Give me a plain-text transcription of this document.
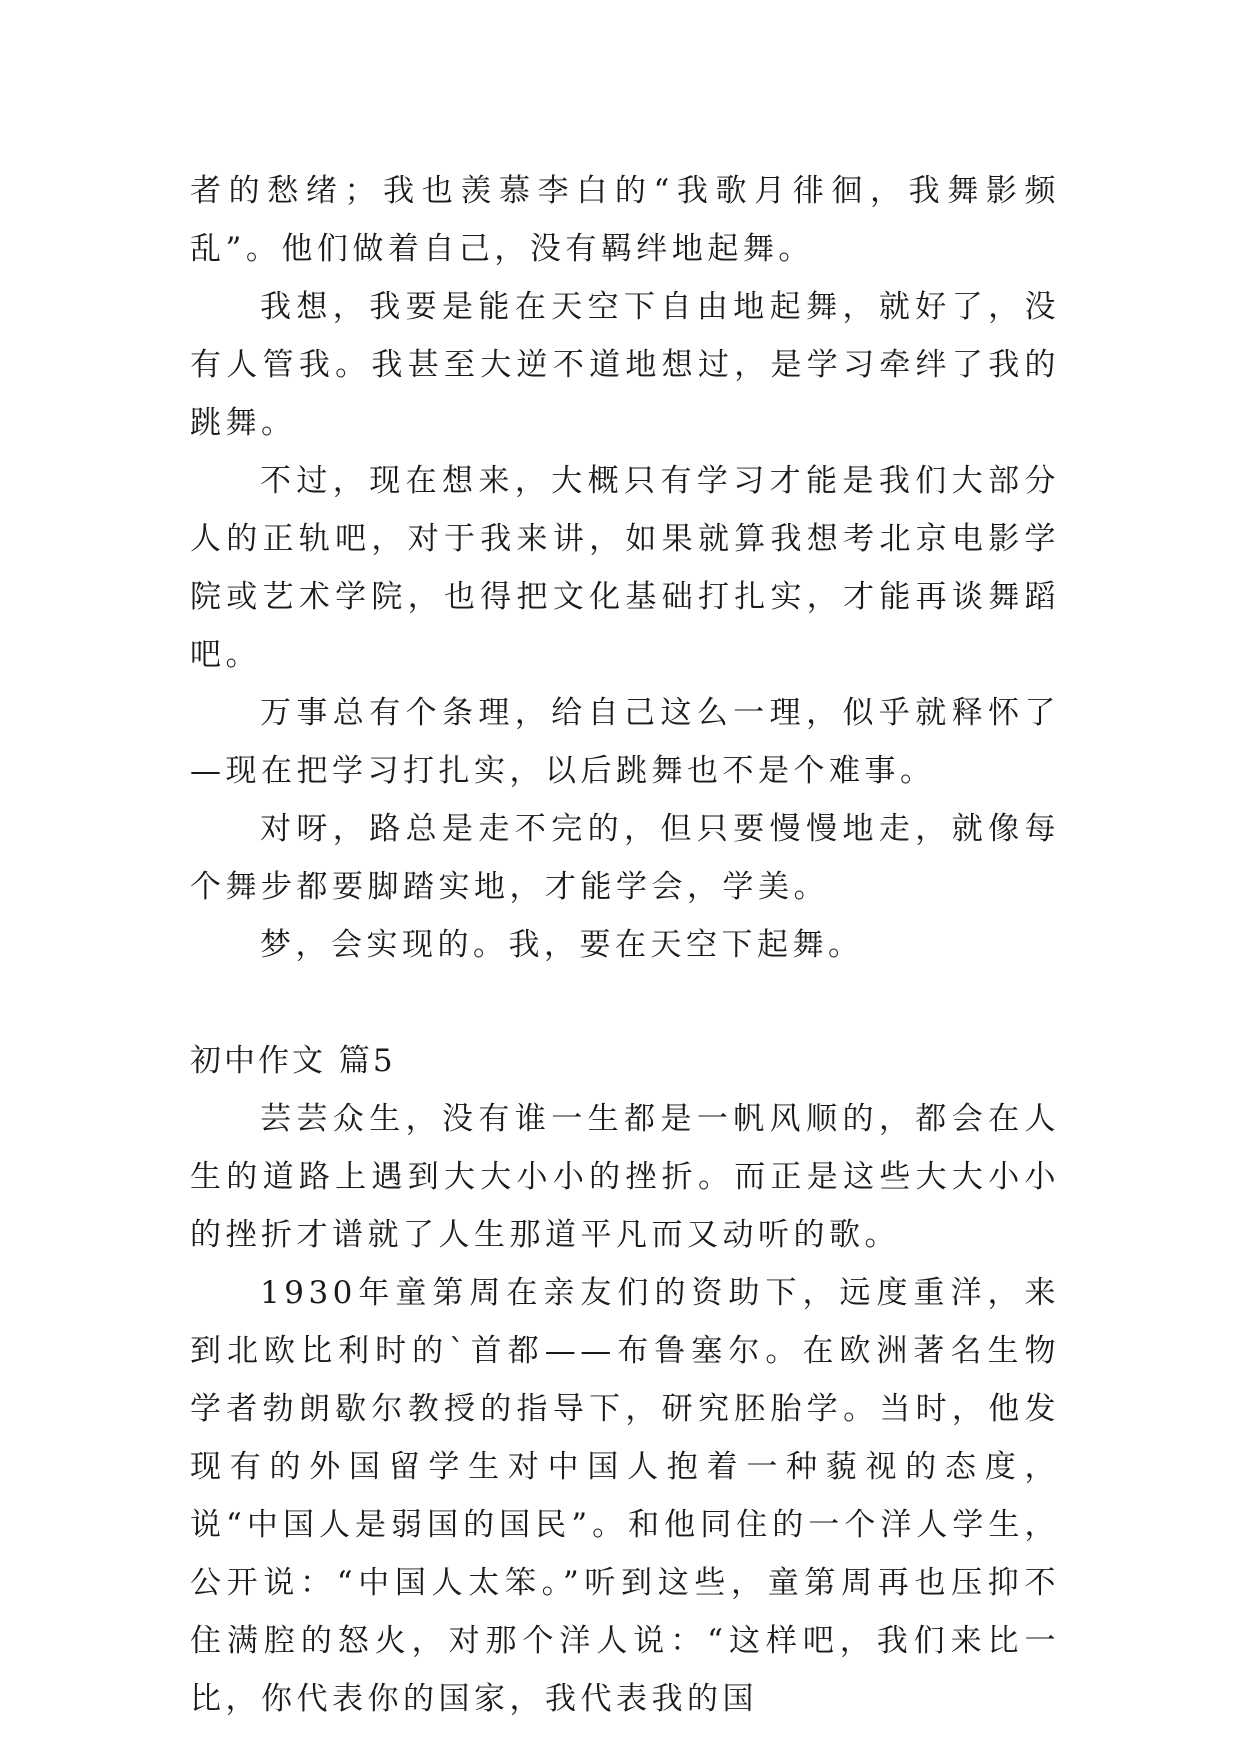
者的愁绪；我也羡慕李白的“我歌月徘徊，我舞影频乱”。他们做着自己，没有羁绊地起舞。

我想，我要是能在天空下自由地起舞，就好了，没有人管我。我甚至大逆不道地想过，是学习牵绊了我的跳舞。

不过，现在想来，大概只有学习才能是我们大部分人的正轨吧，对于我来讲，如果就算我想考北京电影学院或艺术学院，也得把文化基础打扎实，才能再谈舞蹈吧。

万事总有个条理，给自己这么一理，似乎就释怀了—现在把学习打扎实，以后跳舞也不是个难事。

对呀，路总是走不完的，但只要慢慢地走，就像每个舞步都要脚踏实地，才能学会，学美。

梦，会实现的。我，要在天空下起舞。

初中作文 篇5

芸芸众生，没有谁一生都是一帆风顺的，都会在人生的道路上遇到大大小小的挫折。而正是这些大大小小的挫折才谱就了人生那道平凡而又动听的歌。

1930年童第周在亲友们的资助下，远度重洋，来到北欧比利时的`首都——布鲁塞尔。在欧洲著名生物学者勃朗歇尔教授的指导下，研究胚胎学。当时，他发现有的外国留学生对中国人抱着一种藐视的态度，说“中国人是弱国的国民”。和他同住的一个洋人学生，公开说：“中国人太笨。”听到这些，童第周再也压抑不住满腔的怒火，对那个洋人说：“这样吧，我们来比一比，你代表你的国家，我代表我的国
